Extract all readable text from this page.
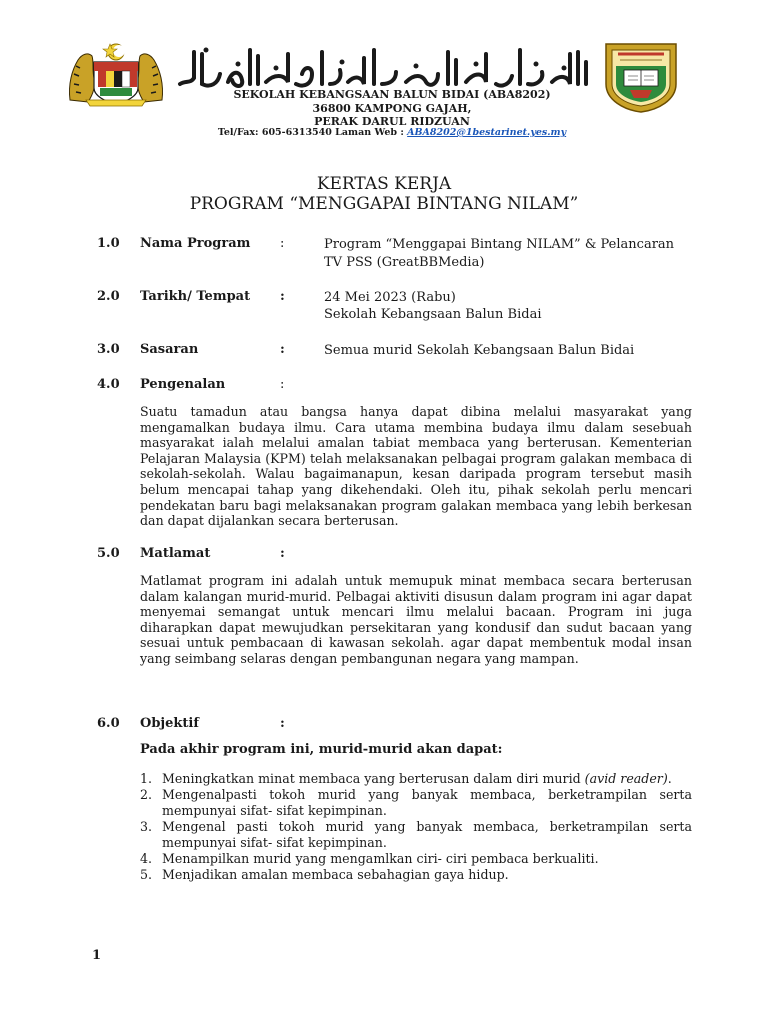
SEKOLAH KEBANGSAAN BALUN BIDAI (ABA8202)
36800 KAMPONG GAJAH,
PERAK DARUL RIDZUAN
Tel/Fax: 605-6313540 Laman Web : ABA8202@1bestarinet.yes.my
KERTAS KERJA
PROGRAM “MENGGAPAI BINTANG NILAM”
1.0 Nama Program :	Program “Menggapai Bintang NILAM” & Pelancaran
TV PSS (GreatBBMedia)
2.0 Tarikh/ Tempat :	24 Mei 2023 (Rabu)
Sekolah Kebangsaan Balun Bidai
3.0 Sasaran	:	Semua murid Sekolah Kebangsaan Balun Bidai
4.0 Pengenalan	:
Suatu tamadun atau bangsa hanya dapat dibina melalui masyarakat yang mengamalkan budaya ilmu. Cara utama membina budaya ilmu dalam sesebuah masyarakat ialah melalui amalan tabiat membaca yang berterusan. Kementerian Pelajaran Malaysia (KPM) telah melaksanakan pelbagai program galakan membaca di sekolah-sekolah. Walau bagaimanapun, kesan daripada program tersebut masih belum mencapai tahap yang dikehendaki. Oleh itu, pihak sekolah perlu mencari pendekatan baru bagi melaksanakan program galakan membaca yang lebih berkesan dan dapat dijalankan secara berterusan.
5.0 Matlamat	:
Matlamat program ini adalah untuk memupuk minat membaca secara berterusan dalam kalangan murid-murid. Pelbagai aktiviti disusun dalam program ini agar dapat menyemai semangat untuk mencari ilmu melalui bacaan. Program ini juga diharapkan dapat mewujudkan persekitaran yang kondusif dan sudut bacaan yang sesuai untuk pembacaan di kawasan sekolah. agar dapat membentuk modal insan yang seimbang selaras dengan pembangunan negara yang mampan.
6.0 Objektif	:
Pada akhir program ini, murid-murid akan dapat:
1. Meningkatkan minat membaca yang berterusan dalam diri murid (avid reader).
2. Mengenalpasti tokoh murid yang banyak membaca, berketrampilan serta mempunyai sifat- sifat kepimpinan.
3. Mengenal pasti tokoh murid yang banyak membaca, berketrampilan serta mempunyai sifat- sifat kepimpinan.
4. Menampilkan murid yang mengamlkan ciri- ciri pembaca berkualiti.
5. Menjadikan amalan membaca sebahagian gaya hidup.
1
